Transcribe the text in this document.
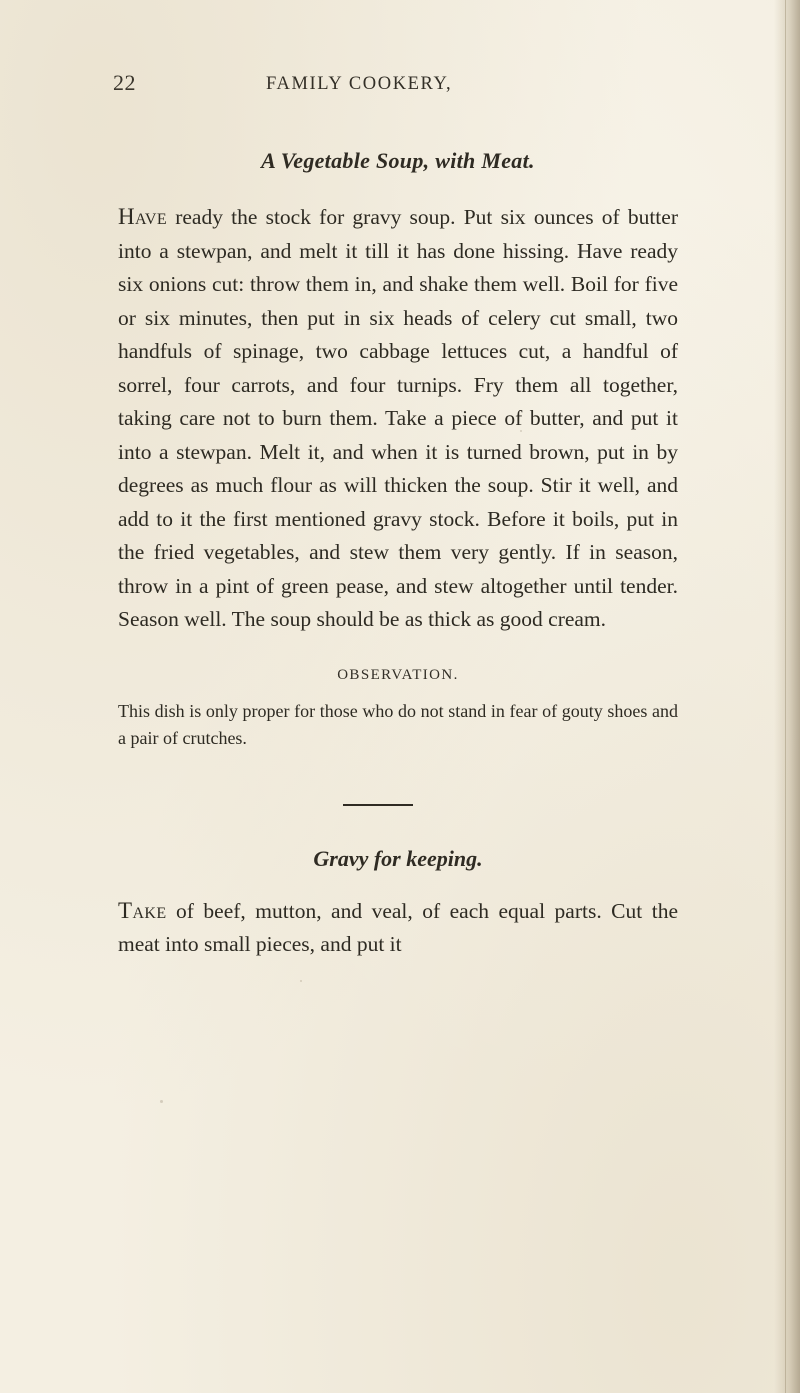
22	FAMILY COOKERY,
A Vegetable Soup, with Meat.

Have ready the stock for gravy soup. Put six ounces of butter into a stewpan, and melt it till it has done hissing. Have ready six onions cut: throw them in, and shake them well. Boil for five or six minutes, then put in six heads of celery cut small, two handfuls of spinage, two cabbage lettuces cut, a handful of sorrel, four carrots, and four turnips. Fry them all together, taking care not to burn them. Take a piece of butter, and put it into a stewpan. Melt it, and when it is turned brown, put in by degrees as much flour as will thicken the soup. Stir it well, and add to it the first mentioned gravy stock. Before it boils, put in the fried vegetables, and stew them very gently. If in season, throw in a pint of green pease, and stew altogether until tender. Season well. The soup should be as thick as good cream.

OBSERVATION.

This dish is only proper for those who do not stand in fear of gouty shoes and a pair of crutches.

Gravy for keeping.

Take of beef, mutton, and veal, of each equal parts. Cut the meat into small pieces, and put it
